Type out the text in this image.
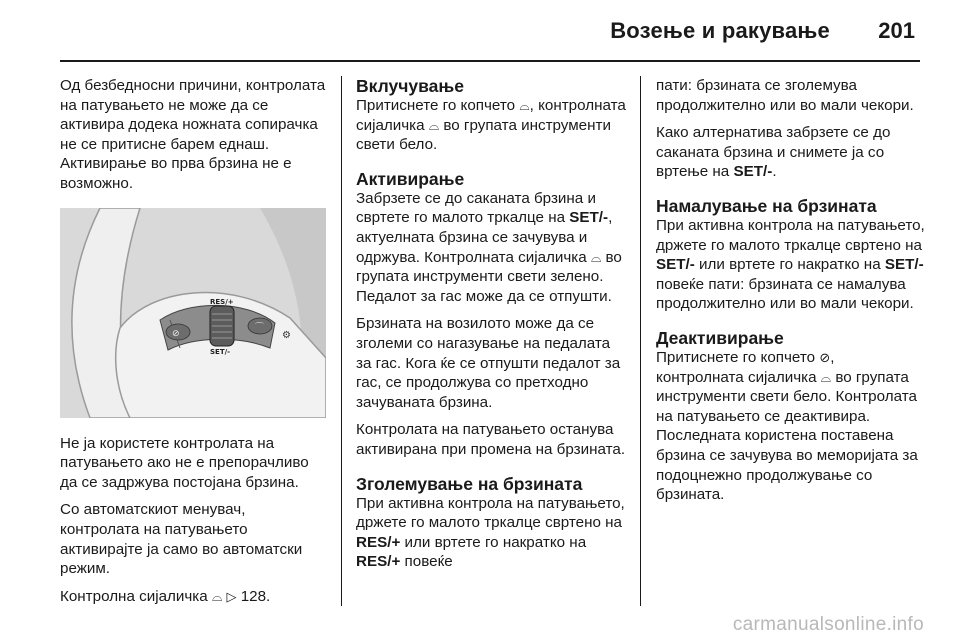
Возење и ракување 201

Од безбедносни причини, контролата на патувањето не може да се активира додека ножната сопирачка не се притисне барем еднаш. Активирање во прва брзина не е возможно.

⊘
⌒
RES/+
SET/-
⚙

Не ја користете контролата на патувањето ако не е препорачливо да се задржува постојана брзина.

Со автоматскиот менувач, контролата на патувањето активирајте ја само во автоматски режим.

Контролна сијаличка ⌓ ▷ 128.

Вклучување

Притиснете го копчето ⌓, контролната сијаличка ⌓ во групата инструменти свети бело.

Активирање

Забрзете се до саканата брзина и свртете го малото тркалце на SET/-, актуелната брзина се зачувува и одржува. Контролната сијаличка ⌓ во групата инструменти свети зелено.

Педалот за гас може да се отпушти.

Брзината на возилото може да се зголеми со нагазување на педалата за гас. Кога ќе се отпушти педалот за гас, се продолжува со претходно зачуваната брзина.

Контролата на патувањето останува активирана при промена на брзината.

Зголемување на брзината

При активна контрола на патувањето, држете го малото тркалце свртено на RES/+ или вртете го накратко на RES/+ повеќе

пати: брзината се зголемува продолжително или во мали чекори.

Како алтернатива забрзете се до саканата брзина и снимете ја со вртење на SET/-.

Намалување на брзината

При активна контрола на патувањето, држете го малото тркалце свртено на SET/- или вртете го накратко на SET/- повеќе пати: брзината се намалува продолжително или во мали чекори.

Деактивирање

Притиснете го копчето ⊘, контролната сијаличка ⌓ во групата инструменти свети бело. Контролата на патувањето се деактивира. Последната користена поставена брзина се зачувува во меморијата за подоцнежно продолжување со брзината.

carmanualsonline.info
